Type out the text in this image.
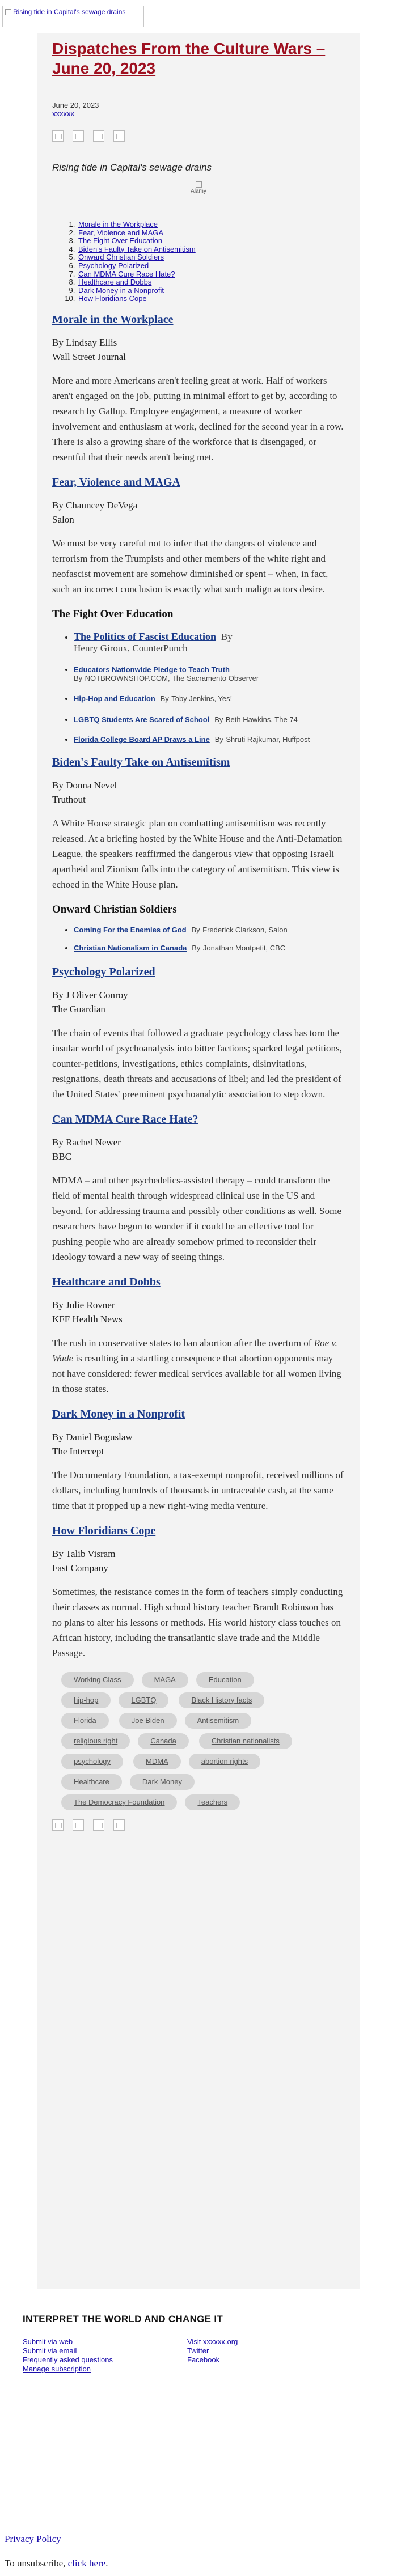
Rising tide in Capital's sewage drains
Dispatches From the Culture Wars – June 20, 2023
June 20, 2023
xxxxxx
Rising tide in Capital's sewage drains
Alamy
1. Morale in the Workplace
2. Fear, Violence and MAGA
3. The Fight Over Education
4. Biden's Faulty Take on Antisemitism
5. Onward Christian Soldiers
6. Psychology Polarized
7. Can MDMA Cure Race Hate?
8. Healthcare and Dobbs
9. Dark Money in a Nonprofit
10. How Floridians Cope
Morale in the Workplace

By Lindsay Ellis

Wall Street Journal

More and more Americans aren't feeling great at work. Half of workers aren't engaged on the job, putting in minimal effort to get by, according to research by Gallup. Employee engagement, a measure of worker involvement and enthusiasm at work, declined for the second year in a row. There is also a growing share of the workforce that is disengaged, or resentful that their needs aren't being met.

Fear, Violence and MAGA

By Chauncey DeVega

Salon

We must be very careful not to infer that the dangers of violence and terrorism from the Trumpists and other members of the white right and neofascist movement are somehow diminished or spent – when, in fact, such an incorrect conclusion is exactly what such malign actors desire.

The Fight Over Education
• The Politics of Fascist Education By
Henry Giroux, CounterPunch
• Educators Nationwide Pledge to Teach Truth
By NOTBROWNSHOP.COM, The Sacramento Observer
• Hip-Hop and Education By Toby Jenkins, Yes!
• LGBTQ Students Are Scared of School By Beth Hawkins, The 74
• Florida College Board AP Draws a Line By Shruti Rajkumar, Huffpost
Biden's Faulty Take on Antisemitism

By Donna Nevel

Truthout

A White House strategic plan on combatting antisemitism was recently released. At a briefing hosted by the White House and the Anti-Defamation League, the speakers reaffirmed the dangerous view that opposing Israeli apartheid and Zionism falls into the category of antisemitism. This view is echoed in the White House plan.

Onward Christian Soldiers
• Coming For the Enemies of God By Frederick Clarkson, Salon
• Christian Nationalism in Canada By Jonathan Montpetit, CBC
Psychology Polarized

By J Oliver Conroy

The Guardian

The chain of events that followed a graduate psychology class has torn the insular world of psychoanalysis into bitter factions; sparked legal petitions, counter-petitions, investigations, ethics complaints, disinvitations, resignations, death threats and accusations of libel; and led the president of the United States' preeminent psychoanalytic association to step down.

Can MDMA Cure Race Hate?

By Rachel Newer

BBC

MDMA – and other psychedelics-assisted therapy – could transform the field of mental health through widespread clinical use in the US and beyond, for addressing trauma and possibly other conditions as well. Some researchers have begun to wonder if it could be an effective tool for pushing people who are already somehow primed to reconsider their ideology toward a new way of seeing things.

Healthcare and Dobbs

By Julie Rovner

KFF Health News

The rush in conservative states to ban abortion after the overturn of Roe v. Wade is resulting in a startling consequence that abortion opponents may not have considered: fewer medical services available for all women living in those states.

Dark Money in a Nonprofit

By Daniel Boguslaw

The Intercept

The Documentary Foundation, a tax-exempt nonprofit, received millions of dollars, including hundreds of thousands in untraceable cash, at the same time that it propped up a new right-wing media venture.

How Floridians Cope

By Talib Visram

Fast Company

Sometimes, the resistance comes in the form of teachers simply conducting their classes as normal. High school history teacher Brandt Robinson has no plans to alter his lessons or methods. His world history class touches on African history, including the transatlantic slave trade and the Middle Passage.

Working Class	MAGA	Education hip-hop	LGBTQ	Black History factsFlorida	Joe Biden	Antisemitism religious right	Canada	Christian nationalistspsychology	MDMA	abortion rights Healthcare	Dark Money The Democracy Foundation	Teachers
INTERPRET THE WORLD AND CHANGE IT
Submit via web
Submit via email
Frequently asked questions
Manage subscription
Visit xxxxxx.org
Twitter
Facebook
Privacy Policy
To unsubscribe, click here.
